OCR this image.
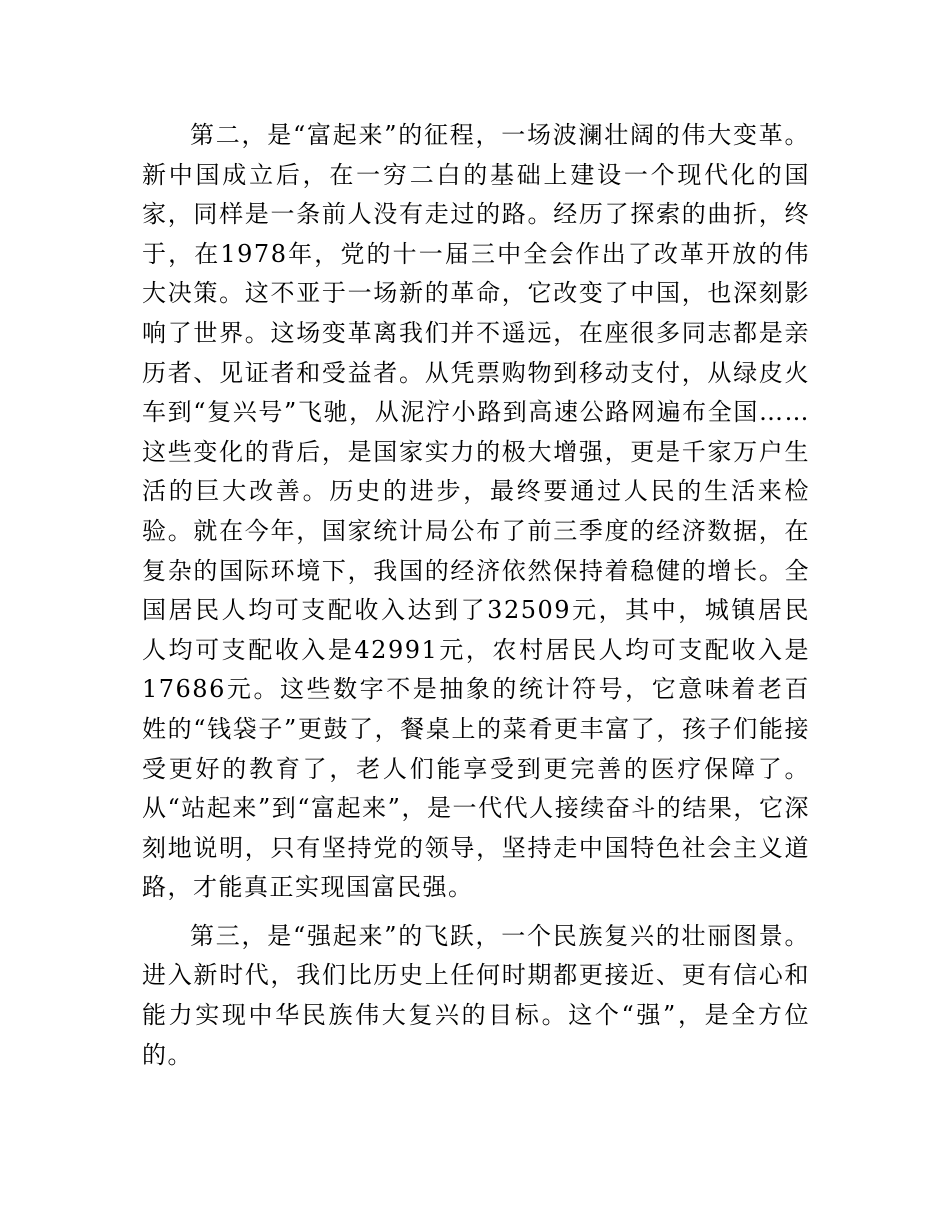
第二，是“富起来”的征程，一场波澜壮阔的伟大变革。新中国成立后，在一穷二白的基础上建设一个现代化的国家，同样是一条前人没有走过的路。经历了探索的曲折，终于，在1978年，党的十一届三中全会作出了改革开放的伟大决策。这不亚于一场新的革命，它改变了中国，也深刻影响了世界。这场变革离我们并不遥远，在座很多同志都是亲历者、见证者和受益者。从凭票购物到移动支付，从绿皮火车到“复兴号”飞驰，从泥泞小路到高速公路网遍布全国……这些变化的背后，是国家实力的极大增强，更是千家万户生活的巨大改善。历史的进步，最终要通过人民的生活来检验。就在今年，国家统计局公布了前三季度的经济数据，在复杂的国际环境下，我国的经济依然保持着稳健的增长。全国居民人均可支配收入达到了32509元，其中，城镇居民人均可支配收入是42991元，农村居民人均可支配收入是17686元。这些数字不是抽象的统计符号，它意味着老百姓的“钱袋子”更鼓了，餐桌上的菜肴更丰富了，孩子们能接受更好的教育了，老人们能享受到更完善的医疗保障了。从“站起来”到“富起来”，是一代代人接续奋斗的结果，它深刻地说明，只有坚持党的领导，坚持走中国特色社会主义道路，才能真正实现国富民强。

第三，是“强起来”的飞跃，一个民族复兴的壮丽图景。进入新时代，我们比历史上任何时期都更接近、更有信心和能力实现中华民族伟大复兴的目标。这个“强”，是全方位的。
